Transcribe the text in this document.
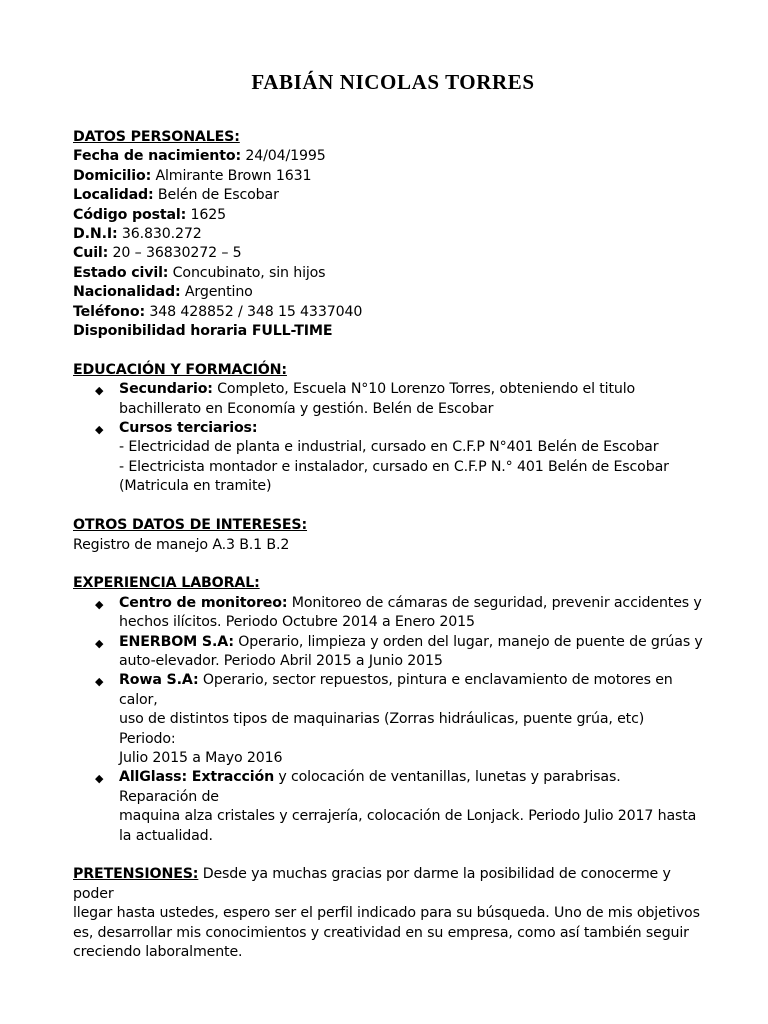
FABIÁN NICOLAS TORRES
DATOS PERSONALES:
Fecha de nacimiento: 24/04/1995
Domicilio: Almirante Brown 1631
Localidad: Belén de Escobar
Código postal: 1625
D.N.I: 36.830.272
Cuil: 20 – 36830272 – 5
Estado civil: Concubinato, sin hijos
Nacionalidad: Argentino
Teléfono: 348 428852 / 348 15 4337040
Disponibilidad horaria FULL-TIME
EDUCACIÓN Y FORMACIÓN:
◆ Secundario: Completo, Escuela N°10 Lorenzo Torres, obteniendo el titulo
bachillerato en Economía y gestión. Belén de Escobar
◆ Cursos terciarios:
- Electricidad de planta e industrial, cursado en C.F.P N°401 Belén de Escobar
- Electricista montador e instalador, cursado en C.F.P N.° 401 Belén de Escobar
(Matricula en tramite)
OTROS DATOS DE INTERESES:
Registro de manejo A.3 B.1 B.2
EXPERIENCIA LABORAL:
◆ Centro de monitoreo: Monitoreo de cámaras de seguridad, prevenir accidentes y
hechos ilícitos. Periodo Octubre 2014 a Enero 2015
◆ ENERBOM S.A: Operario, limpieza y orden del lugar, manejo de puente de grúas y
auto-elevador. Periodo Abril 2015 a Junio 2015
◆ Rowa S.A: Operario, sector repuestos, pintura e enclavamiento de motores en calor,
uso de distintos tipos de maquinarias (Zorras hidráulicas, puente grúa, etc) Periodo:
Julio 2015 a Mayo 2016
◆ AllGlass: Extracción y colocación de ventanillas, lunetas y parabrisas. Reparación de
maquina alza cristales y cerrajería, colocación de Lonjack. Periodo Julio 2017 hasta
la actualidad.
PRETENSIONES: Desde ya muchas gracias por darme la posibilidad de conocerme y poder
llegar hasta ustedes, espero ser el perfil indicado para su búsqueda. Uno de mis objetivos
es, desarrollar mis conocimientos y creatividad en su empresa, como así también seguir
creciendo laboralmente.
